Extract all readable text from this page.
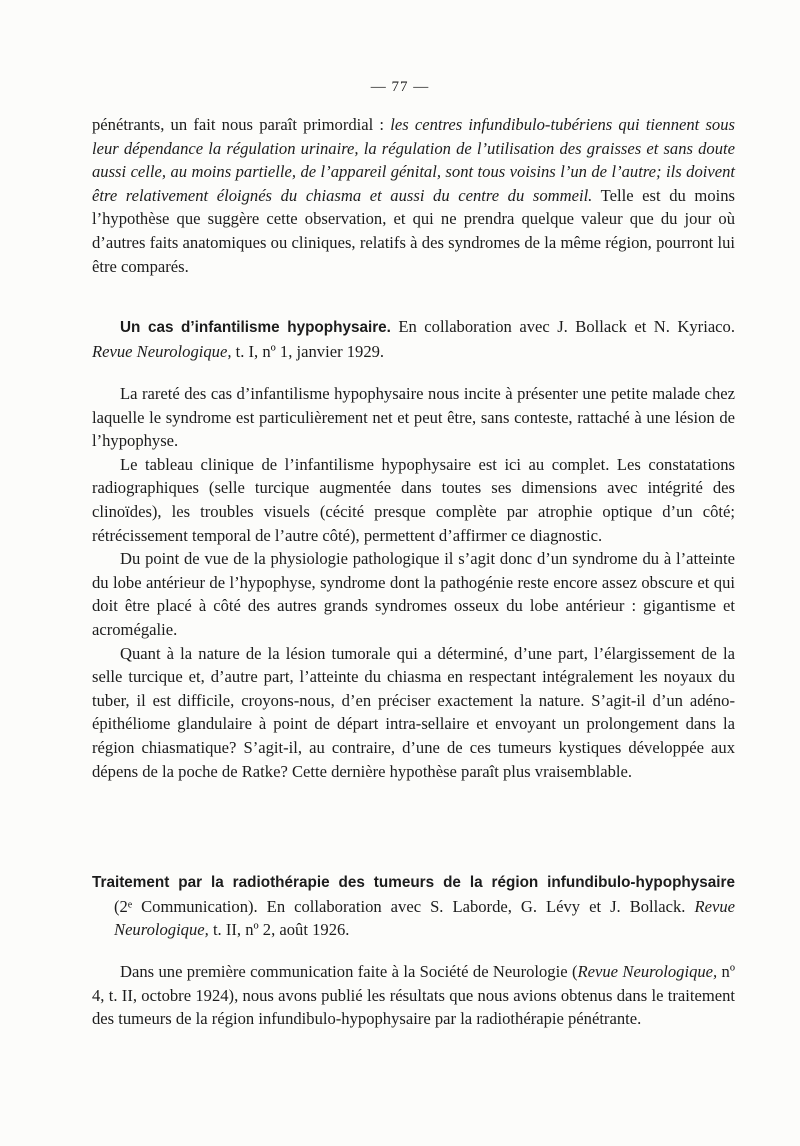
— 77 —

pénétrants, un fait nous paraît primordial : les centres infundibulo-tubériens qui tiennent sous leur dépendance la régulation urinaire, la régulation de l’utilisation des graisses et sans doute aussi celle, au moins partielle, de l’appareil génital, sont tous voisins l’un de l’autre; ils doivent être relativement éloignés du chiasma et aussi du centre du sommeil. Telle est du moins l’hypothèse que suggère cette observation, et qui ne prendra quelque valeur que du jour où d’autres faits anatomiques ou cliniques, relatifs à des syndromes de la même région, pourront lui être comparés.

Un cas d’infantilisme hypophysaire. En collaboration avec J. Bollack et N. Kyriaco. Revue Neurologique, t. I, nº 1, janvier 1929.

La rareté des cas d’infantilisme hypophysaire nous incite à présenter une petite malade chez laquelle le syndrome est particulièrement net et peut être, sans conteste, rattaché à une lésion de l’hypophyse.

Le tableau clinique de l’infantilisme hypophysaire est ici au complet. Les constatations radiographiques (selle turcique augmentée dans toutes ses dimensions avec intégrité des clinoïdes), les troubles visuels (cécité presque complète par atrophie optique d’un côté; rétrécissement temporal de l’autre côté), permettent d’affirmer ce diagnostic.

Du point de vue de la physiologie pathologique il s’agit donc d’un syndrome du à l’atteinte du lobe antérieur de l’hypophyse, syndrome dont la pathogénie reste encore assez obscure et qui doit être placé à côté des autres grands syndromes osseux du lobe antérieur : gigantisme et acromégalie.

Quant à la nature de la lésion tumorale qui a déterminé, d’une part, l’élargissement de la selle turcique et, d’autre part, l’atteinte du chiasma en respectant intégralement les noyaux du tuber, il est difficile, croyons-nous, d’en préciser exactement la nature. S’agit-il d’un adéno-épithéliome glandulaire à point de départ intra-sellaire et envoyant un prolongement dans la région chiasmatique? S’agit-il, au contraire, d’une de ces tumeurs kystiques développée aux dépens de la poche de Ratke? Cette dernière hypothèse paraît plus vraisemblable.

Traitement par la radiothérapie des tumeurs de la région infundibulo-hypophysaire

(2ᵉ Communication). En collaboration avec S. Laborde, G. Lévy et J. Bollack. Revue Neurologique, t. II, nº 2, août 1926.

Dans une première communication faite à la Société de Neurologie (Revue Neurologique, nº 4, t. II, octobre 1924), nous avons publié les résultats que nous avions obtenus dans le traitement des tumeurs de la région infundibulo-hypophysaire par la radiothérapie pénétrante.
